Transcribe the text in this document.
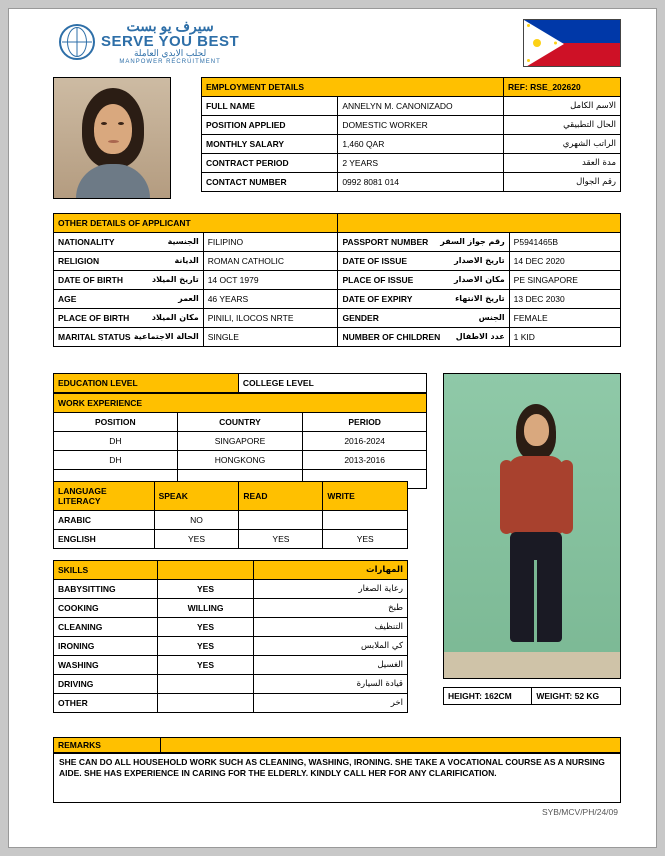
سيرف يو بست
SERVE YOU BEST
لجلب الايدي العاملة
MANPOWER RECRUITMENT
EMPLOYMENT DETAILS		REF: RSE_202620
FULL NAME	ANNELYN M. CANONIZADO	الاسم الكامل
POSITION APPLIED	DOMESTIC WORKER	الحال التطبيقي
MONTHLY SALARY	1,460 QAR	الراتب الشهري
CONTRACT PERIOD	2 YEARS	مدة العقد
CONTACT NUMBER	0992 8081 014	رقم الجوال
OTHER DETAILS OF APPLICANT			
NATIONALITY الجنسية	FILIPINO	PASSPORT NUMBER رقم جواز السفر	P5941465B
RELIGION الديانة	ROMAN CATHOLIC	DATE OF ISSUE تاريخ الاصدار	14 DEC 2020
DATE OF BIRTH تاريخ الميلاد	14 OCT 1979	PLACE OF ISSUE مكان الاصدار	PE SINGAPORE
AGE العمر	46 YEARS	DATE OF EXPIRY تاريخ الانتهاء	13 DEC 2030
PLACE OF BIRTH مكان الميلاد	PINILI, ILOCOS NRTE	GENDER الجنس	FEMALE
MARITAL STATUS الحالة الاجتماعية	SINGLE	NUMBER OF CHILDREN عدد الاطفال	1 KID
EDUCATION LEVEL	COLLEGE LEVEL
WORK EXPERIENCE		
POSITION	COUNTRY	PERIOD
DH	SINGAPORE	2016-2024
DH	HONGKONG	2013-2016

LANGUAGE LITERACY	SPEAK	READ	WRITE
ARABIC	NO		
ENGLISH	YES	YES	YES
SKILLS		المهارات
BABYSITTING	YES	رعاية الصغار
COOKING	WILLING	طبخ
CLEANING	YES	التنظيف
IRONING	YES	كي الملابس
WASHING	YES	الغسيل
DRIVING		قيادة السيارة
OTHER		اخر
HEIGHT: 162CM	WEIGHT: 52 KG
REMARKS	
SHE CAN DO ALL HOUSEHOLD WORK SUCH AS CLEANING, WASHING, IRONING. SHE TAKE A VOCATIONAL COURSE AS A NURSING AIDE. SHE HAS EXPERIENCE IN CARING FOR THE ELDERLY. KINDLY CALL HER FOR ANY CLARIFICATION.
SYB/MCV/PH/24/09
